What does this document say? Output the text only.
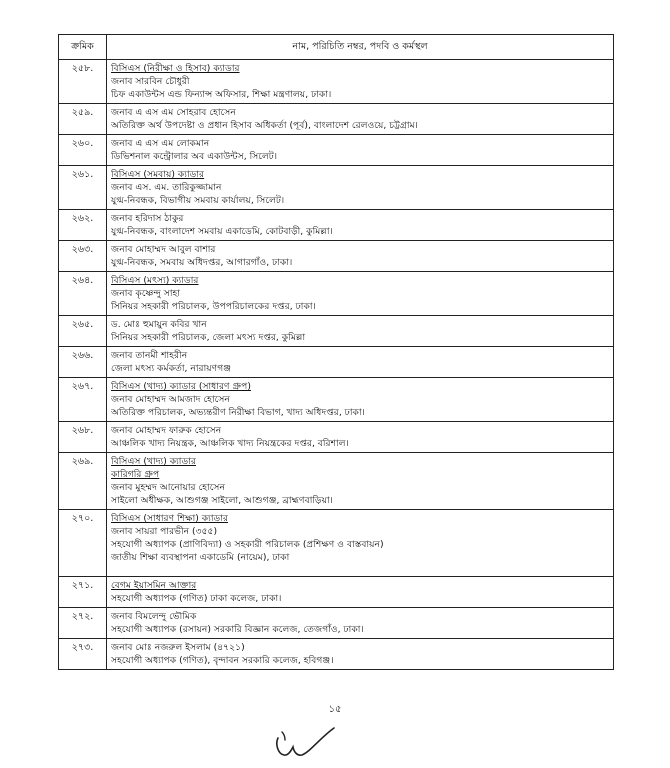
ক্রমিক	নাম, পরিচিতি নম্বর, পদবি ও কর্মস্থল
২৫৮.	বিসিএস (নিরীক্ষা ও হিসাব) ক্যাডার
জনাব সারবিন চৌধুরী
চিফ একাউন্টস এন্ড ফিন্যান্স অফিসার, শিক্ষা মন্ত্রণালয়, ঢাকা।

২৫৯.	জনাব এ এস এম সোহরাব হোসেন
অতিরিক্ত অর্থ উপদেষ্টা ও প্রধান হিসাব অধিকর্তা (পূর্ব), বাংলাদেশ রেলওয়ে, চট্টগ্রাম।

২৬০.	জনাব এ এস এম লোকমান
ডিভিশনাল কন্ট্রোলার অব একাউন্টস, সিলেট।

২৬১.	বিসিএস (সমবায়) ক্যাডার
জনাব এস. এম. তারিকুজ্জামান
যুগ্ম-নিবন্ধক, বিভাগীয় সমবায় কার্যালয়, সিলেট।

২৬২.	জনাব হরিদাস ঠাকুর
যুগ্ম-নিবন্ধক, বাংলাদেশ সমবায় একাডেমি, কোটবাড়ী, কুমিল্লা।

২৬৩.	জনাব মোহাম্মদ আবুল বাশার
যুগ্ম-নিবন্ধক, সমবায় অধিদপ্তর, আগারগাঁও, ঢাকা।

২৬৪.	বিসিএস (মৎস্য) ক্যাডার
জনাব কৃষ্ণেন্দু সাহা
সিনিয়র সহকারী পরিচালক, উপপরিচালকের দপ্তর, ঢাকা।

২৬৫.	ড. মোঃ হুমায়ুন কবির খান
সিনিয়র সহকারী পরিচালক, জেলা মৎস্য দপ্তর, কুমিল্লা

২৬৬.	জনাব তানমী শাহরীন
জেলা মৎস্য কর্মকর্তা, নারায়ণগঞ্জ

২৬৭.	বিসিএস (খাদ্য) ক্যাডার (সাধারণ গ্রুপ)
জনাব মোহাম্মদ আমজাদ হোসেন
অতিরিক্ত পরিচালক, অভ্যন্তরীণ নিরীক্ষা বিভাগ, খাদ্য অধিদপ্তর, ঢাকা।

২৬৮.	জনাব মোহাম্মদ ফারুক হোসেন
আঞ্চলিক খাদ্য নিয়ন্ত্রক, আঞ্চলিক খাদ্য নিয়ন্ত্রকের দপ্তর, বরিশাল।

২৬৯.	বিসিএস (খাদ্য) ক্যাডার
কারিগরি গ্রুপ
জনাব মুহম্মদ আনোয়ার হোসেন
সাইলো অধীক্ষক, আশুগঞ্জ সাইলো, আশুগঞ্জ, ব্রাহ্মণবাড়িয়া।

২৭০.	বিসিএস (সাধারণ শিক্ষা) ক্যাডার
জনাব সায়রা পারভীন (৩৫৫)
সহযোগী অধ্যাপক (প্রাণিবিদ্যা) ও সহকারী পরিচালক (প্রশিক্ষণ ও বাস্তবায়ন)
জাতীয় শিক্ষা ব্যবস্থাপনা একাডেমি (নায়েম), ঢাকা

২৭১.	বেগম ইয়াসমিন আক্তার
সহযোগী অধ্যাপক (গণিত) ঢাকা কলেজ, ঢাকা।

২৭২.	জনাব বিমলেন্দু ভৌমিক
সহযোগী অধ্যাপক (রসায়ন) সরকারি বিজ্ঞান কলেজ, তেজগাঁও, ঢাকা।

২৭৩.	জনাব মোঃ নজরুল ইসলাম (৪৭২১)
সহযোগী অধ্যাপক (গণিত), বৃন্দাবন সরকারি কলেজ, হবিগঞ্জ।
১৫
